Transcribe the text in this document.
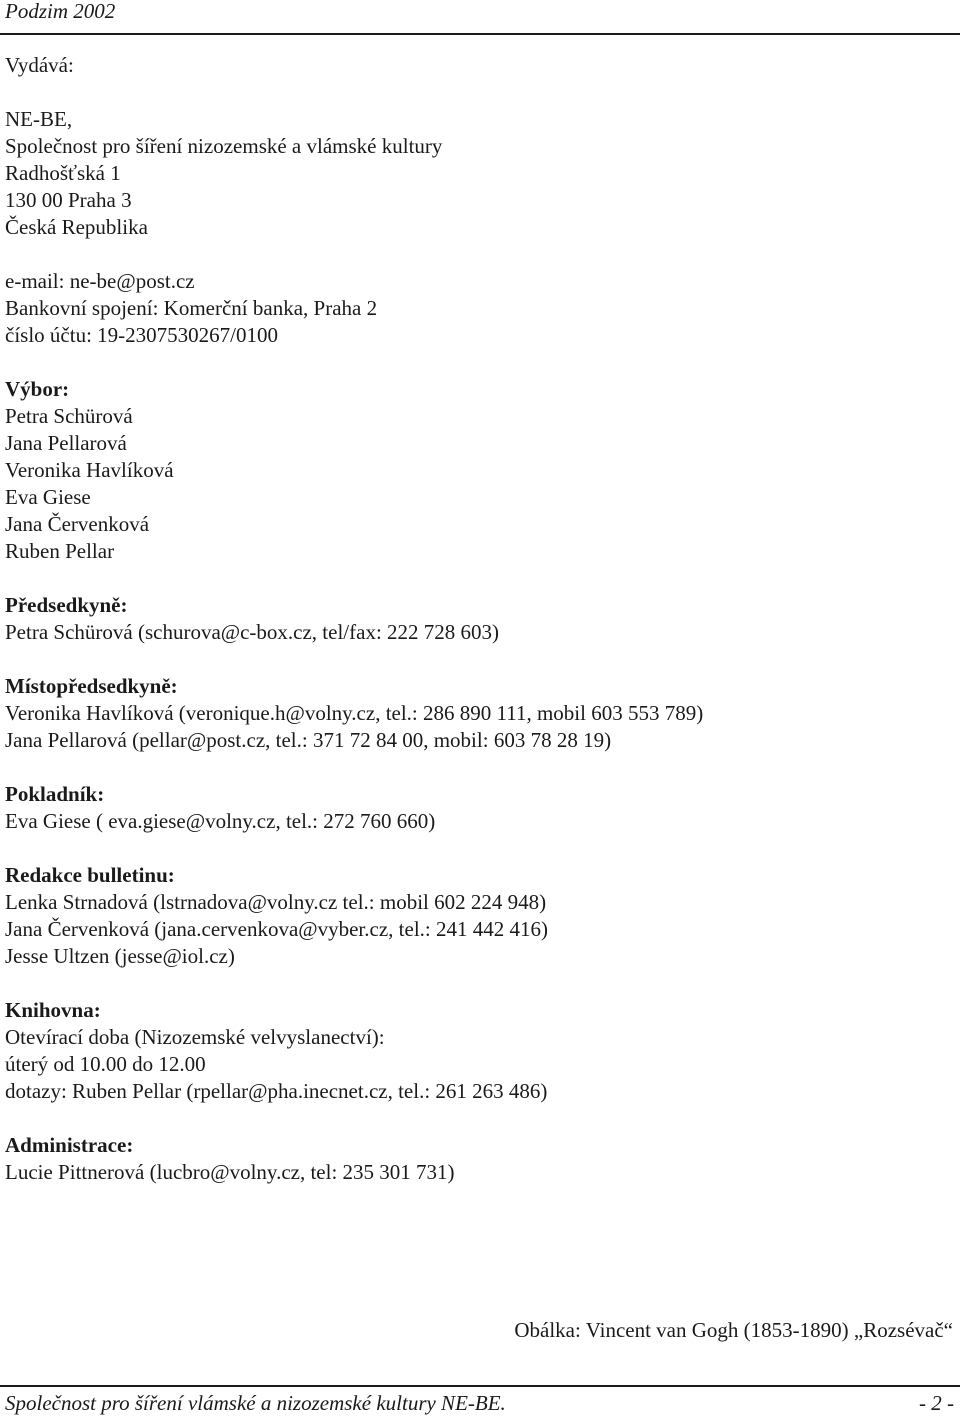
Podzim 2002
Vydává:
NE-BE,
Společnost pro šíření nizozemské a vlámské kultury
Radhošťská 1
130 00 Praha 3
Česká Republika
e-mail: ne-be@post.cz
Bankovní spojení: Komerční banka, Praha 2
číslo účtu: 19-2307530267/0100
Výbor:
Petra Schürová
Jana Pellarová
Veronika Havlíková
Eva Giese
Jana Červenková
Ruben Pellar
Předsedkyně:
Petra Schürová (schurova@c-box.cz, tel/fax: 222 728 603)
Místopředsedkyně:
Veronika Havlíková (veronique.h@volny.cz, tel.: 286 890 111, mobil 603 553 789)
Jana Pellarová (pellar@post.cz, tel.: 371 72 84 00, mobil: 603 78 28 19)
Pokladník:
Eva Giese ( eva.giese@volny.cz, tel.: 272 760 660)
Redakce bulletinu:
Lenka Strnadová (lstrnadova@volny.cz tel.: mobil 602 224 948)
Jana Červenková (jana.cervenkova@vyber.cz, tel.: 241 442 416)
Jesse Ultzen (jesse@iol.cz)
Knihovna:
Otevírací doba (Nizozemské velvyslanectví):
úterý od 10.00 do 12.00
dotazy: Ruben Pellar (rpellar@pha.inecnet.cz, tel.: 261 263 486)
Administrace:
Lucie Pittnerová (lucbro@volny.cz, tel: 235 301 731)
Obálka: Vincent van Gogh (1853-1890) „Rozsévač“
Společnost pro šíření vlámské a nizozemské kultury NE-BE.	- 2 -
